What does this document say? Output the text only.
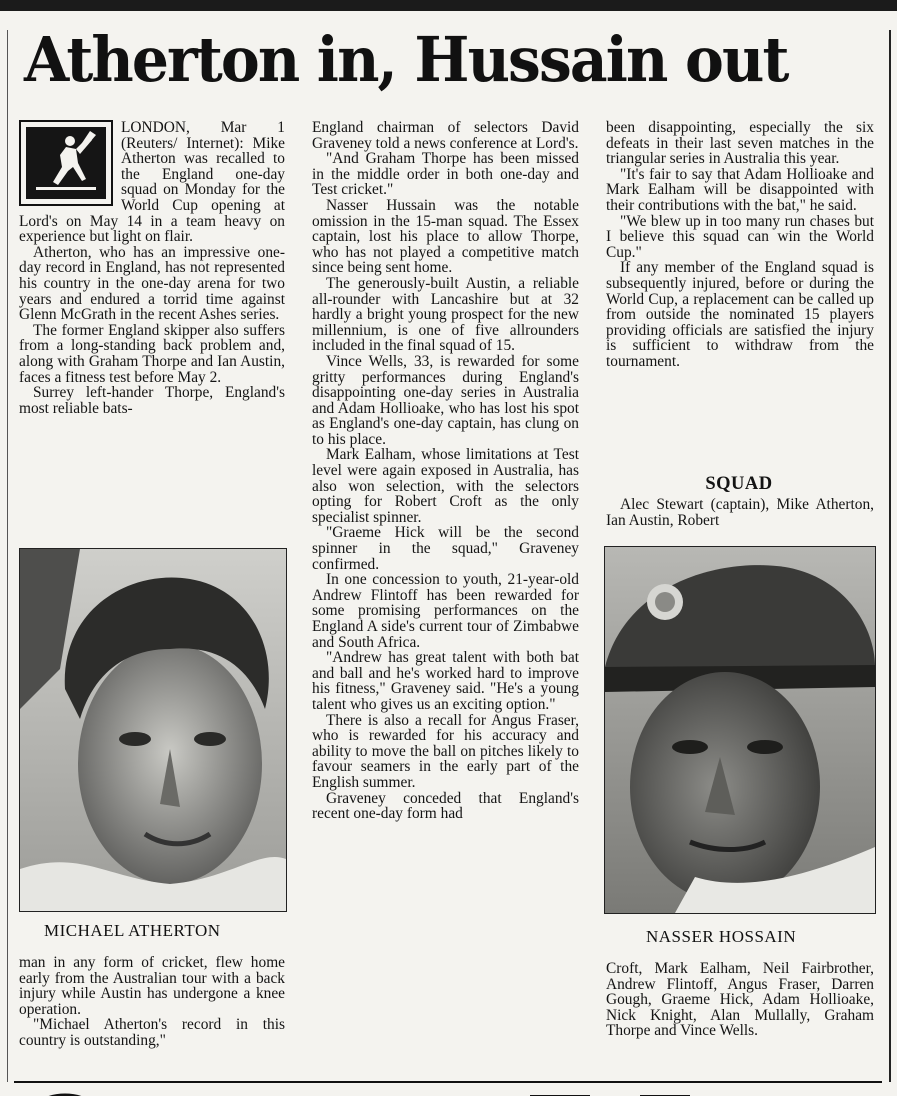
Atherton in, Hussain out

LONDON, Mar 1 (Reuters/ Internet): Mike Atherton was recalled to the England one-day squad on Monday for the World Cup opening at Lord's on May 14 in a team heavy on experience but light on flair.

Atherton, who has an impressive one-day record in England, has not represented his country in the one-day arena for two years and endured a torrid time against Glenn McGrath in the recent Ashes series.

The former England skipper also suffers from a long-standing back problem and, along with Graham Thorpe and Ian Austin, faces a fitness test before May 2.

Surrey left-hander Thorpe, England's most reliable bats-

MICHAEL ATHERTON

man in any form of cricket, flew home early from the Australian tour with a back injury while Austin has undergone a knee operation.

"Michael Atherton's record in this country is outstanding,"

England chairman of selectors David Graveney told a news conference at Lord's.

"And Graham Thorpe has been missed in the middle order in both one-day and Test cricket."

Nasser Hussain was the notable omission in the 15-man squad. The Essex captain, lost his place to allow Thorpe, who has not played a competitive match since being sent home.

The generously-built Austin, a reliable all-rounder with Lancashire but at 32 hardly a bright young prospect for the new millennium, is one of five allrounders included in the final squad of 15.

Vince Wells, 33, is rewarded for some gritty performances during England's disappointing one-day series in Australia and Adam Hollioake, who has lost his spot as England's one-day captain, has clung on to his place.

Mark Ealham, whose limitations at Test level were again exposed in Australia, has also won selection, with the selectors opting for Robert Croft as the only specialist spinner.

"Graeme Hick will be the second spinner in the squad," Graveney confirmed.

In one concession to youth, 21-year-old Andrew Flintoff has been rewarded for some promising performances on the England A side's current tour of Zimbabwe and South Africa.

"Andrew has great talent with both bat and ball and he's worked hard to improve his fitness," Graveney said. "He's a young talent who gives us an exciting option."

There is also a recall for Angus Fraser, who is rewarded for his accuracy and ability to move the ball on pitches likely to favour seamers in the early part of the English summer.

Graveney conceded that England's recent one-day form had

been disappointing, especially the six defeats in their last seven matches in the triangular series in Australia this year.

"It's fair to say that Adam Hollioake and Mark Ealham will be disappointed with their contributions with the bat," he said.

"We blew up in too many run chases but I believe this squad can win the World Cup."

If any member of the England squad is subsequently injured, before or during the World Cup, a replacement can be called up from outside the nominated 15 players providing officials are satisfied the injury is sufficient to withdraw from the tournament.

SQUAD

Alec Stewart (captain), Mike Atherton, Ian Austin, Robert

NASSER HOSSAIN

Croft, Mark Ealham, Neil Fairbrother, Andrew Flintoff, Angus Fraser, Darren Gough, Graeme Hick, Adam Hollioake, Nick Knight, Alan Mullally, Graham Thorpe and Vince Wells.
